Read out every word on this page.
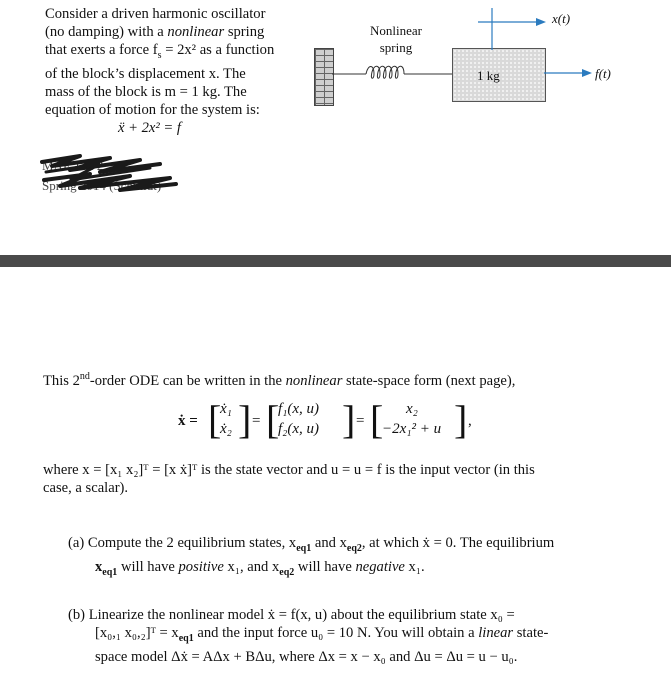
Consider a driven harmonic oscillator
(no damping) with a nonlinear spring
that exerts a force $f_s = 2x^2$ as a function
of the block’s displacement x. The
mass of the block is m = 1 kg. The
equation of motion for the system is:
ẍ + 2x² = f
Nonlinear
spring
1 kg
x(t)
f(t)
MAE 171 2
Spring 2014 (Schmidt)
This 2nd-order ODE can be written in the nonlinear state-space form (next page),
ẋ = [
ẋ₁
ẋ₂ ] = [
f₁(x, u)
f₂(x, u) ] = [ x₂
−2x₁² + u ] ,
where x = [x₁ x₂]ᵀ = [x ẋ]ᵀ is the state vector and u = u = f is the input vector (in this
case, a scalar).
(a) Compute the 2 equilibrium states, $x_{eq1}$ and $x_{eq2}$, at which ẋ = 0. The equilibrium
$x_{eq1}$ will have positive x₁, and $x_{eq2}$ will have negative x₁.
(b) Linearize the nonlinear model ẋ = f(x, u) about the equilibrium state x₀ =
[x₀,₁ x₀,₂]ᵀ = $x_{eq1}$ and the input force u₀ = 10 N. You will obtain a linear state-
space model Δẋ = AΔx + BΔu, where Δx = x − x₀ and Δu = Δu = u − u₀.
